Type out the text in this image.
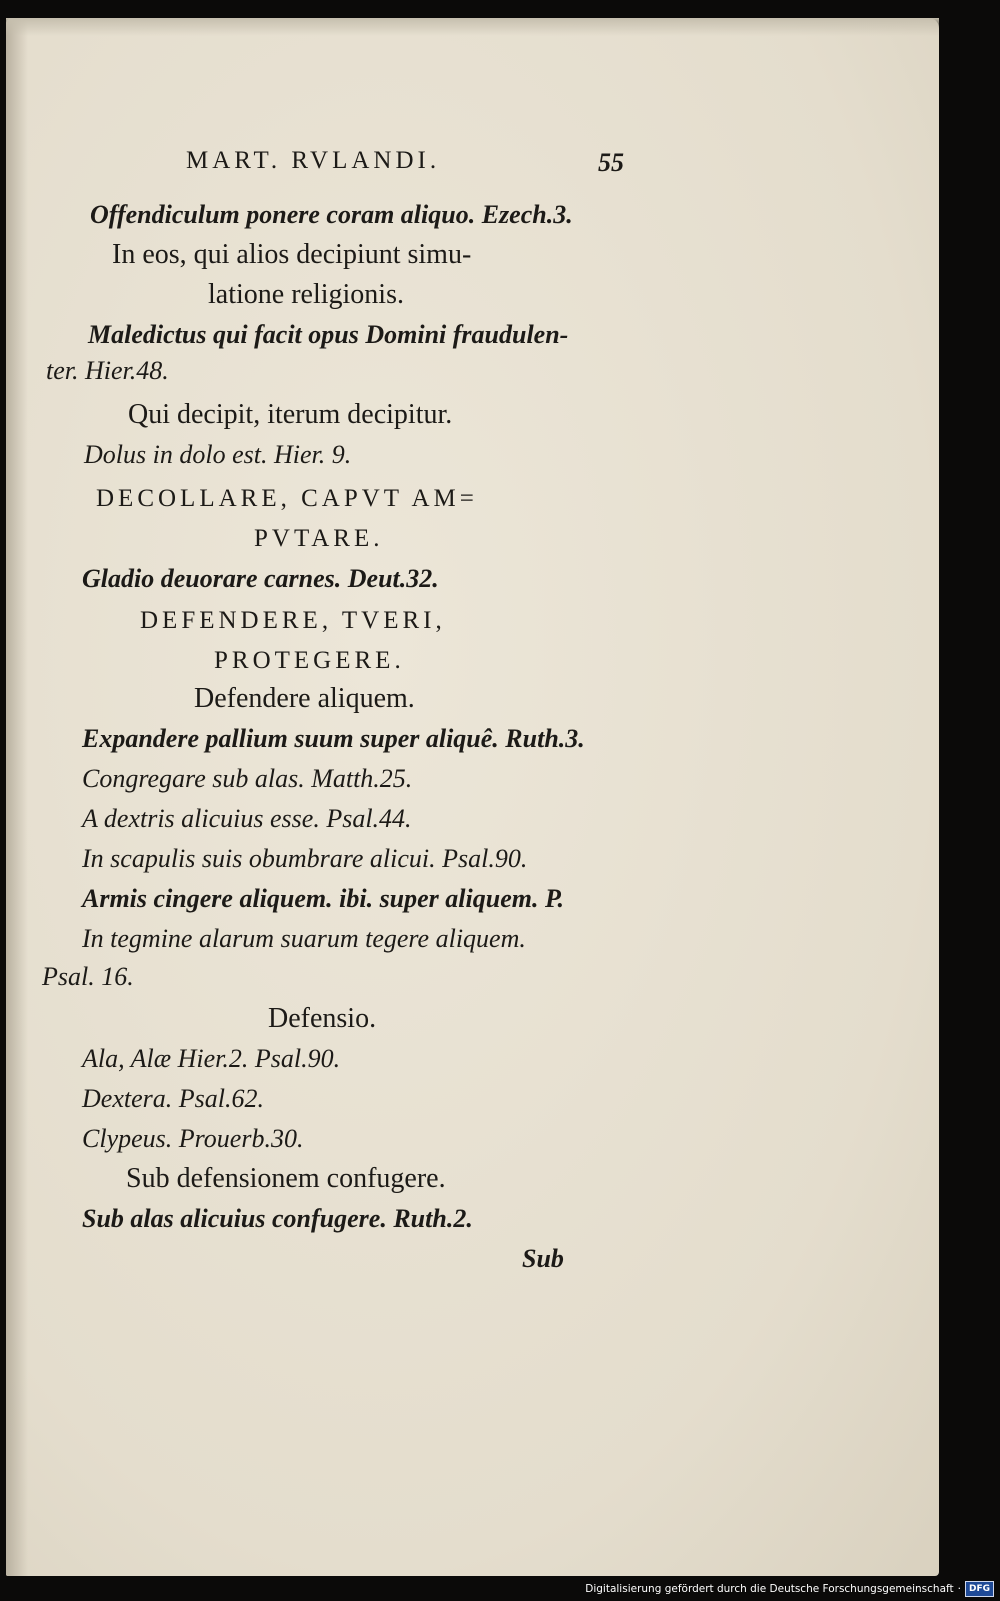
MART. RVLANDI.	55
Offendiculum ponere coram aliquo. Ezech.3.
In eos, qui alios decipiunt simu-
latione religionis.
Maledictus qui facit opus Domini fraudulen-
ter. Hier.48.
Qui decipit, iterum decipitur.
Dolus in dolo est. Hier. 9.
DECOLLARE, CAPVT AM=
PVTARE.
Gladio deuorare carnes. Deut.32.
DEFENDERE, TVERI,
PROTEGERE.
Defendere aliquem.
Expandere pallium suum super aliquê. Ruth.3.
Congregare sub alas. Matth.25.
A dextris alicuius esse. Psal.44.
In scapulis suis obumbrare alicui. Psal.90.
Armis cingere aliquem. ibi. super aliquem. P.
In tegmine alarum suarum tegere aliquem.
Psal. 16.
Defensio.
Ala, Alæ Hier.2. Psal.90.
Dextera. Psal.62.
Clypeus. Prouerb.30.
Sub defensionem confugere.
Sub alas alicuius confugere. Ruth.2.
Sub
Digitalisierung gefördert durch die Deutsche Forschungsgemeinschaft · DFG
